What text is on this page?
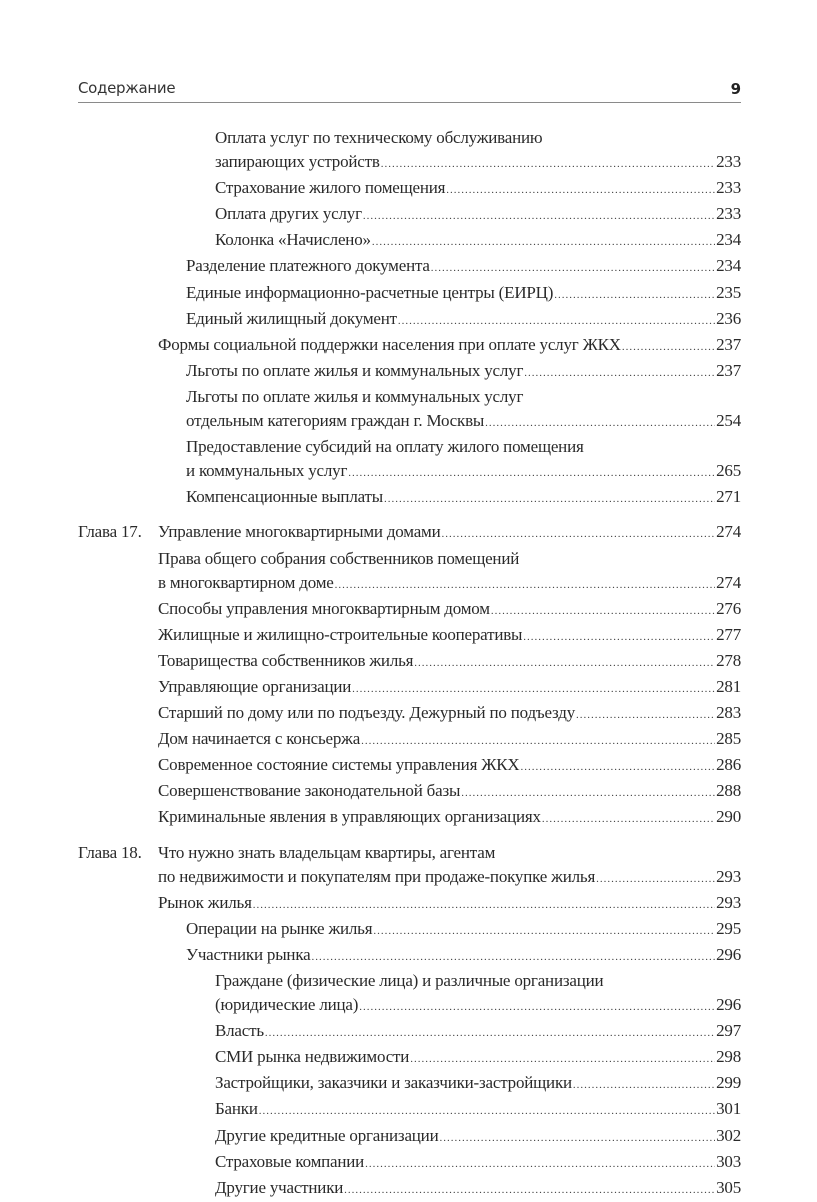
Содержание	9
Оплата услуг по техническому обслуживанию
запирающих устройств .....	233
Страхование жилого помещения .....	233
Оплата других услуг .....	233
Колонка «Начислено» .....	234
Разделение платежного документа .....	234
Единые информационно-расчетные центры (ЕИРЦ) .....	235
Единый жилищный документ .....	236
Формы социальной поддержки населения при оплате услуг ЖКХ .....	237
Льготы по оплате жилья и коммунальных услуг .....	237
Льготы по оплате жилья и коммунальных услуг
отдельным категориям граждан г. Москвы .....	254
Предоставление субсидий на оплату жилого помещения
и коммунальных услуг .....	265
Компенсационные выплаты .....	271
Глава 17. Управление многоквартирными домами .....	274
Права общего собрания собственников помещений
в многоквартирном доме .....	274
Способы управления многоквартирным домом .....	276
Жилищные и жилищно-строительные кооперативы .....	277
Товарищества собственников жилья .....	278
Управляющие организации .....	281
Старший по дому или по подъезду. Дежурный по подъезду .....	283
Дом начинается с консьержа .....	285
Современное состояние системы управления ЖКХ .....	286
Совершенствование законодательной базы .....	288
Криминальные явления в управляющих организациях .....	290
Глава 18. Что нужно знать владельцам квартиры, агентам
по недвижимости и покупателям при продаже-покупке жилья .....	293
Рынок жилья .....	293
Операции на рынке жилья .....	295
Участники рынка .....	296
Граждане (физические лица) и различные организации
(юридические лица) .....	296
Власть .....	297
СМИ рынка недвижимости .....	298
Застройщики, заказчики и заказчики-застройщики .....	299
Банки .....	301
Другие кредитные организации .....	302
Страховые компании .....	303
Другие участники .....	305
